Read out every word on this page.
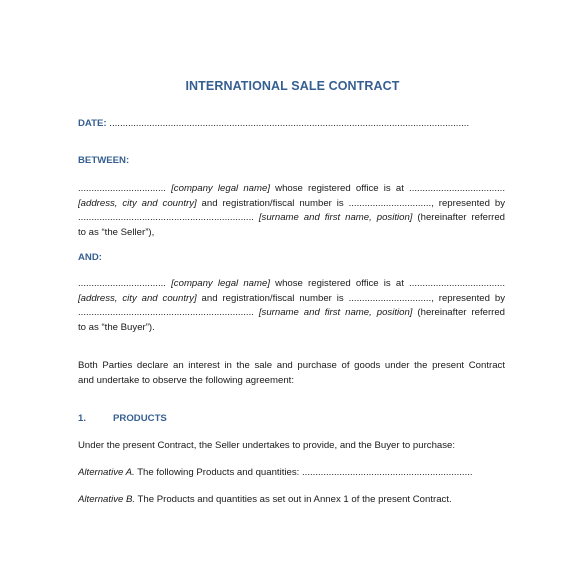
INTERNATIONAL SALE CONTRACT
DATE: .......................................................................................................................................
BETWEEN:
................................. [company legal name] whose registered office is at ....................................
[address, city and country] and registration/fiscal number is ..............................., represented by
.................................................................. [surname and first name, position] (hereinafter referred
to as “the Seller”),
AND:
................................. [company legal name] whose registered office is at ....................................
[address, city and country] and registration/fiscal number is ..............................., represented by
.................................................................. [surname and first name, position] (hereinafter referred
to as “the Buyer”).
Both Parties declare an interest in the sale and purchase of goods under the present Contract
and undertake to observe the following agreement:
1.	PRODUCTS
Under the present Contract, the Seller undertakes to provide, and the Buyer to purchase:
Alternative A. The following Products and quantities: ................................................................
Alternative B. The Products and quantities as set out in Annex 1 of the present Contract.
